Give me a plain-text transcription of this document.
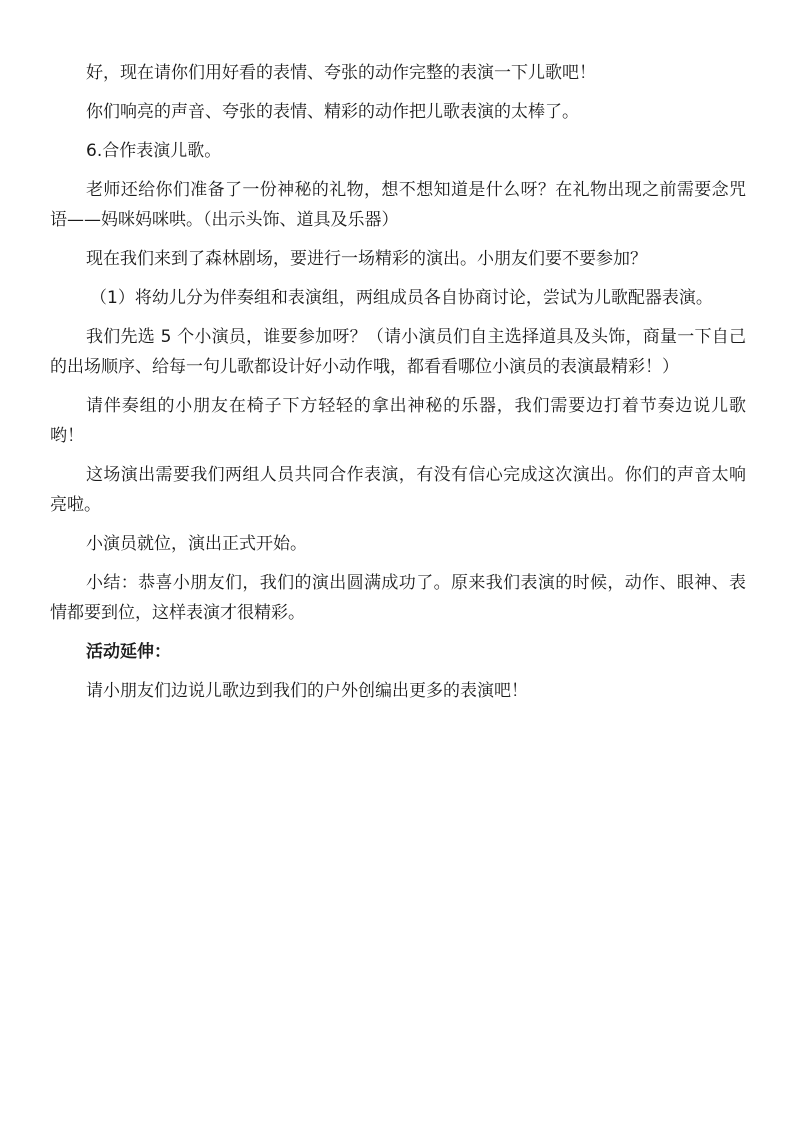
好，现在请你们用好看的表情、夸张的动作完整的表演一下儿歌吧！

你们响亮的声音、夸张的表情、精彩的动作把儿歌表演的太棒了。

6.合作表演儿歌。

老师还给你们准备了一份神秘的礼物，想不想知道是什么呀？在礼物出现之前需要念咒语——妈咪妈咪哄。（出示头饰、道具及乐器）

现在我们来到了森林剧场，要进行一场精彩的演出。小朋友们要不要参加？

（1）将幼儿分为伴奏组和表演组，两组成员各自协商讨论，尝试为儿歌配器表演。

我们先选 5 个小演员，谁要参加呀？（请小演员们自主选择道具及头饰，商量一下自己的出场顺序、给每一句儿歌都设计好小动作哦，都看看哪位小演员的表演最精彩！）

请伴奏组的小朋友在椅子下方轻轻的拿出神秘的乐器，我们需要边打着节奏边说儿歌哟！

这场演出需要我们两组人员共同合作表演，有没有信心完成这次演出。你们的声音太响亮啦。

小演员就位，演出正式开始。

小结：恭喜小朋友们，我们的演出圆满成功了。原来我们表演的时候，动作、眼神、表情都要到位，这样表演才很精彩。

活动延伸：

请小朋友们边说儿歌边到我们的户外创编出更多的表演吧！
